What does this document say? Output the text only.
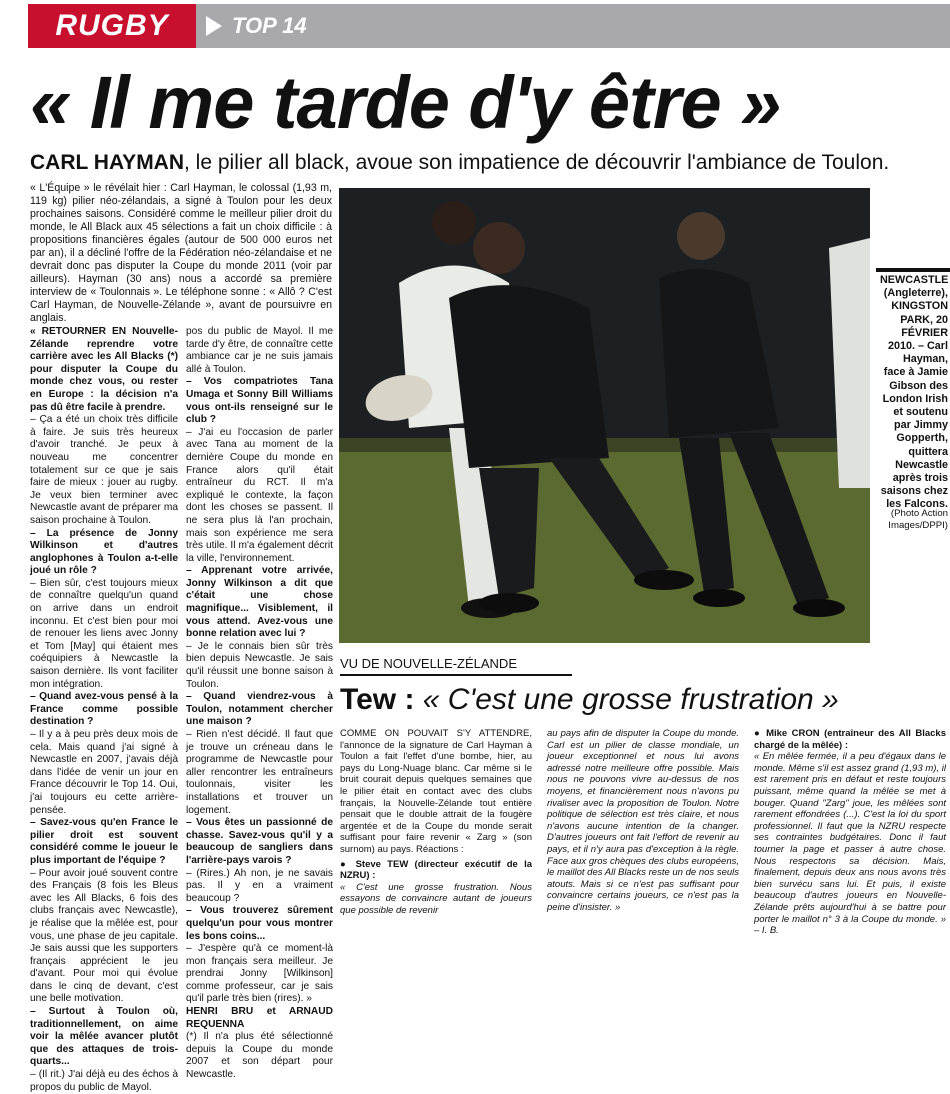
RUGBY	TOP 14
« Il me tarde d'y être »
CARL HAYMAN, le pilier all black, avoue son impatience de découvrir l'ambiance de Toulon.
« L'Équipe » le révélait hier : Carl Hayman, le colossal (1,93 m, 119 kg) pilier néo-zélandais, a signé à Toulon pour les deux prochaines saisons. Considéré comme le meilleur pilier droit du monde, le All Black aux 45 sélections a fait un choix difficile : à propositions financières égales (autour de 500 000 euros net par an), il a décliné l'offre de la Fédération néo-zélandaise et ne devrait donc pas disputer la Coupe du monde 2011 (voir par ailleurs). Hayman (30 ans) nous a accordé sa première interview de « Toulonnais ». Le téléphone sonne : « Allô ? C'est Carl Hayman, de Nouvelle-Zélande », avant de poursuivre en anglais.

« RETOURNER EN Nouvelle-Zélande reprendre votre carrière avec les All Blacks (*) pour disputer la Coupe du monde chez vous, ou rester en Europe : la décision n'a pas dû être facile à prendre.

– Ça a été un choix très difficile à faire. Je suis très heureux d'avoir tranché. Je peux à nouveau me concentrer totalement sur ce que je sais faire de mieux : jouer au rugby. Je veux bien terminer avec Newcastle avant de préparer ma saison prochaine à Toulon.

– La présence de Jonny Wilkinson et d'autres anglophones à Toulon a-t-elle joué un rôle ?

– Bien sûr, c'est toujours mieux de connaître quelqu'un quand on arrive dans un endroit inconnu. Et c'est bien pour moi de renouer les liens avec Jonny et Tom [May] qui étaient mes coéquipiers à Newcastle la saison dernière. Ils vont faciliter mon intégration.

– Quand avez-vous pensé à la France comme possible destination ?

– Il y a à peu près deux mois de cela. Mais quand j'ai signé à Newcastle en 2007, j'avais déjà dans l'idée de venir un jour en France découvrir le Top 14. Oui, j'ai toujours eu cette arrière-pensée.

– Savez-vous qu'en France le pilier droit est souvent considéré comme le joueur le plus important de l'équipe ?

– Pour avoir joué souvent contre des Français (8 fois les Bleus avec les All Blacks, 6 fois des clubs français avec Newcastle), je réalise que la mêlée est, pour vous, une phase de jeu capitale. Je sais aussi que les supporters français apprécient le jeu d'avant. Pour moi qui évolue dans le cinq de devant, c'est une belle motivation.

– Surtout à Toulon où, traditionnellement, on aime voir la mêlée avancer plutôt que des attaques de trois-quarts...

– (Il rit.) J'ai déjà eu des échos à propos du public de Mayol.

pos du public de Mayol. Il me tarde d'y être, de connaître cette ambiance car je ne suis jamais allé à Toulon.

– Vos compatriotes Tana Umaga et Sonny Bill Williams vous ont-ils renseigné sur le club ?

– J'ai eu l'occasion de parler avec Tana au moment de la dernière Coupe du monde en France alors qu'il était entraîneur du RCT. Il m'a expliqué le contexte, la façon dont les choses se passent. Il ne sera plus là l'an prochain, mais son expérience me sera très utile. Il m'a également décrit la ville, l'environnement.

– Apprenant votre arrivée, Jonny Wilkinson a dit que c'était une chose magnifique... Visiblement, il vous attend. Avez-vous une bonne relation avec lui ?

– Je le connais bien sûr très bien depuis Newcastle. Je sais qu'il réussit une bonne saison à Toulon.

– Quand viendrez-vous à Toulon, notamment chercher une maison ?

– Rien n'est décidé. Il faut que je trouve un créneau dans le programme de Newcastle pour aller rencontrer les entraîneurs toulonnais, visiter les installations et trouver un logement.

– Vous êtes un passionné de chasse. Savez-vous qu'il y a beaucoup de sangliers dans l'arrière-pays varois ?

– (Rires.) Ah non, je ne savais pas. Il y en a vraiment beaucoup ?

– Vous trouverez sûrement quelqu'un pour vous montrer les bons coins...

– J'espère qu'à ce moment-là mon français sera meilleur. Je prendrai Jonny [Wilkinson] comme professeur, car je sais qu'il parle très bien (rires). »

HENRI BRU et ARNAUD REQUENNA

(*) Il n'a plus été sélectionné depuis la Coupe du monde 2007 et son départ pour Newcastle.

NEWCASTLE (Angleterre), KINGSTON PARK, 20 FÉVRIER 2010. – Carl Hayman, face à Jamie Gibson des London Irish et soutenu par Jimmy Gopperth, quittera Newcastle après trois saisons chez les Falcons.
(Photo Action Images/DPPI)
VU DE NOUVELLE-ZÉLANDE
Tew : « C'est une grosse frustration »

COMME ON POUVAIT S'Y ATTENDRE, l'annonce de la signature de Carl Hayman à Toulon a fait l'effet d'une bombe, hier, au pays du Long-Nuage blanc. Car même si le bruit courait depuis quelques semaines que le pilier était en contact avec des clubs français, la Nouvelle-Zélande tout entière pensait que le double attrait de la fougère argentée et de la Coupe du monde serait suffisant pour faire revenir « Zarg » (son surnom) au pays. Réactions :

● Steve TEW (directeur exécutif de la NZRU) :

« C'est une grosse frustration. Nous essayons de convaincre autant de joueurs que possible de revenir

au pays afin de disputer la Coupe du monde. Carl est un pilier de classe mondiale, un joueur exceptionnel et nous lui avons adressé notre meilleure offre possible. Mais nous ne pouvons vivre au-dessus de nos moyens, et financièrement nous n'avons pu rivaliser avec la proposition de Toulon. Notre politique de sélection est très claire, et nous n'avons aucune intention de la changer. D'autres joueurs ont fait l'effort de revenir au pays, et il n'y aura pas d'exception à la règle. Face aux gros chèques des clubs européens, le maillot des All Blacks reste un de nos seuls atouts. Mais si ce n'est pas suffisant pour convaincre certains joueurs, ce n'est pas la peine d'insister. »

● Mike CRON (entraîneur des All Blacks chargé de la mêlée) :

« En mêlée fermée, il a peu d'égaux dans le monde. Même s'il est assez grand (1,93 m), il est rarement pris en défaut et reste toujours puissant, même quand la mêlée se met à bouger. Quand "Zarg" joue, les mêlées sont rarement effondrées (...). C'est la loi du sport professionnel. Il faut que la NZRU respecte ses contraintes budgétaires. Donc il faut tourner la page et passer à autre chose. Nous respectons sa décision. Mais, finalement, depuis deux ans nous avons très bien survécu sans lui. Et puis, il existe beaucoup d'autres joueurs en Nouvelle-Zélande prêts aujourd'hui à se battre pour porter le maillot n° 3 à la Coupe du monde. » – I. B.
